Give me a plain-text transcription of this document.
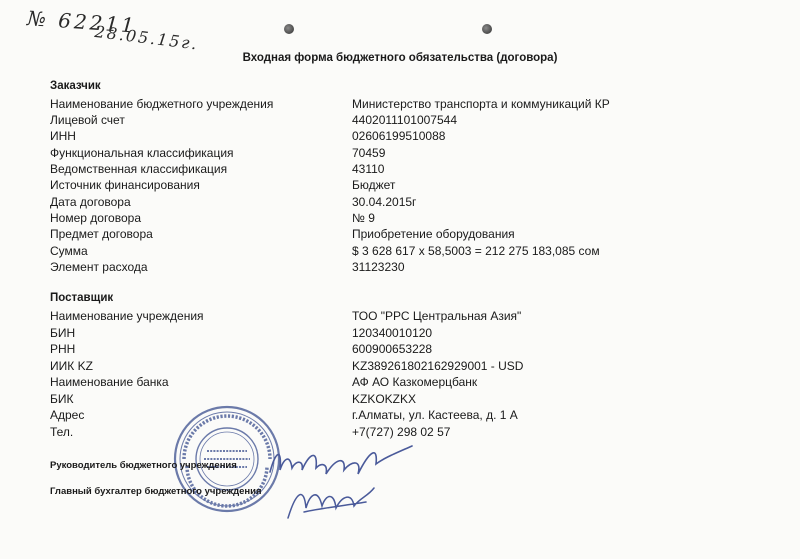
№ 62211
28.05.15г.
Входная форма бюджетного обязательства (договора)
Заказчик
Наименование бюджетного учреждения	Министерство транспорта и коммуникаций КР
Лицевой счет	4402011101007544
ИНН	02606199510088
Функциональная классификация	70459
Ведомственная классификация	43110
Источник финансирования	Бюджет
Дата договора	30.04.2015г
Номер договора	№ 9
Предмет договора	Приобретение оборудования
Сумма	$ 3 628 617 х 58,5003 = 212 275 183,085 сом
Элемент расхода	31123230
Поставщик
Наименование учреждения	ТОО "РРС Центральная Азия"
БИН	120340010120
РНН	600900653228
ИИК KZ	KZ389261802162929001 - USD
Наименование банка	АФ АО Казкомерцбанк
БИК	KZKOKZKX
Адрес	г.Алматы, ул. Кастеева, д. 1 А
Тел.	+7(727) 298 02 57
Руководитель бюджетного учреждения
Главный бухгалтер бюджетного учреждения
